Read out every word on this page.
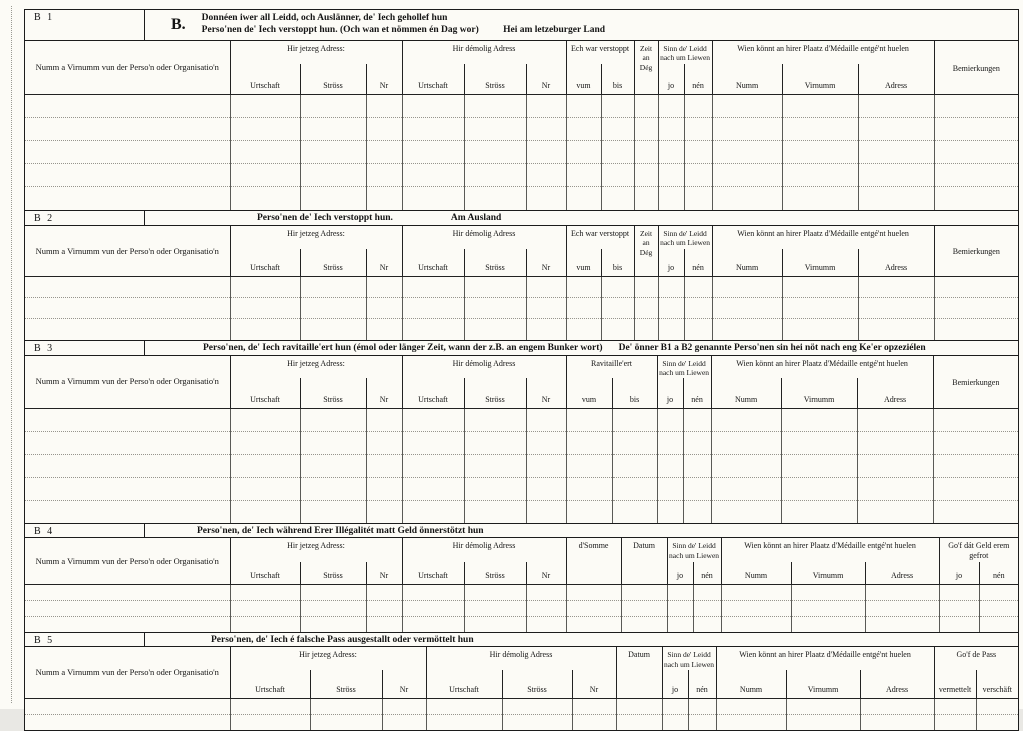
B 1	B. Donnéen iwer all Leidd, och Auslänner, de' Iech gehollef hun
Perso'nen de' Iech verstoppt hun. (Och wan et nömmen én Dag wor)	Hei am letzeburger Land
Numm a Virnumm vun der Perso'n oder Organisatio'n	Hir jetzeg Adress:			Hir démolig Adress			Ech war verstoppt		Zeit an Dég	Sinn de' Leidd nach um Liewen		Wien könnt an hirer Plaatz d'Médaille entgé'nt huelen			Bemierkungen
	Urtschaft	Ströss	Nr	Urtschaft	Ströss	Nr	vum	bis		jo	nén	Numm	Virnumm	Adress	

B 2	Perso'nen de' Iech verstoppt hun.	Am Ausland
Numm a Virnumm vun der Perso'n oder Organisatio'n	Hir jetzeg Adress:			Hir démolig Adress			Ech war verstoppt		Zeit an Dég	Sinn de' Leidd nach um Liewen		Wien könnt an hirer Plaatz d'Médaille entgé'nt huelen			Bemierkungen
	Urtschaft	Ströss	Nr	Urtschaft	Ströss	Nr	vum	bis		jo	nén	Numm	Virnumm	Adress	

B 3	Perso'nen, de' Iech ravitaille'ert hun (émol oder länger Zeit, wann der z.B. an engem Bunker wort) De' önner B1 a B2 genannte Perso'nen sin hei nöt nach eng Ke'er opzeziélen
Numm a Virnumm vun der Perso'n oder Organisatio'n	Hir jetzeg Adress:			Hir démolig Adress			Ravitaille'ert		Sinn de' Leidd nach um Liewen		Wien könnt an hirer Plaatz d'Médaille entgé'nt huelen			Bemierkungen
	Urtschaft	Ströss	Nr	Urtschaft	Ströss	Nr	vum	bis	jo	nén	Numm	Virnumm	Adress	

B 4	Perso'nen, de' Iech während Erer Illégalitét matt Geld önnerstötzt hun
Numm a Virnumm vun der Perso'n oder Organisatio'n	Hir jetzeg Adress:			Hir démolig Adress			d'Somme	Datum	Sinn de' Leidd nach um Liewen		Wien könnt an hirer Plaatz d'Médaille entgé'nt huelen			Go'f dát Geld erem gefrot	
	Urtschaft	Ströss	Nr	Urtschaft	Ströss	Nr			jo	nén	Numm	Virnumm	Adress	jo	nén

B 5	Perso'nen, de' Iech é falsche Pass ausgestallt oder vermöttelt hun
Numm a Virnumm vun der Perso'n oder Organisatio'n	Hir jetzeg Adress:			Hir démolig Adress			Datum	Sinn de' Leidd nach um Liewen		Wien könnt an hirer Plaatz d'Médaille entgé'nt huelen			Go'f de Pass	
	Urtschaft	Ströss	Nr	Urtschaft	Ströss	Nr		jo	nén	Numm	Virnumm	Adress	vermettelt	verschäft
